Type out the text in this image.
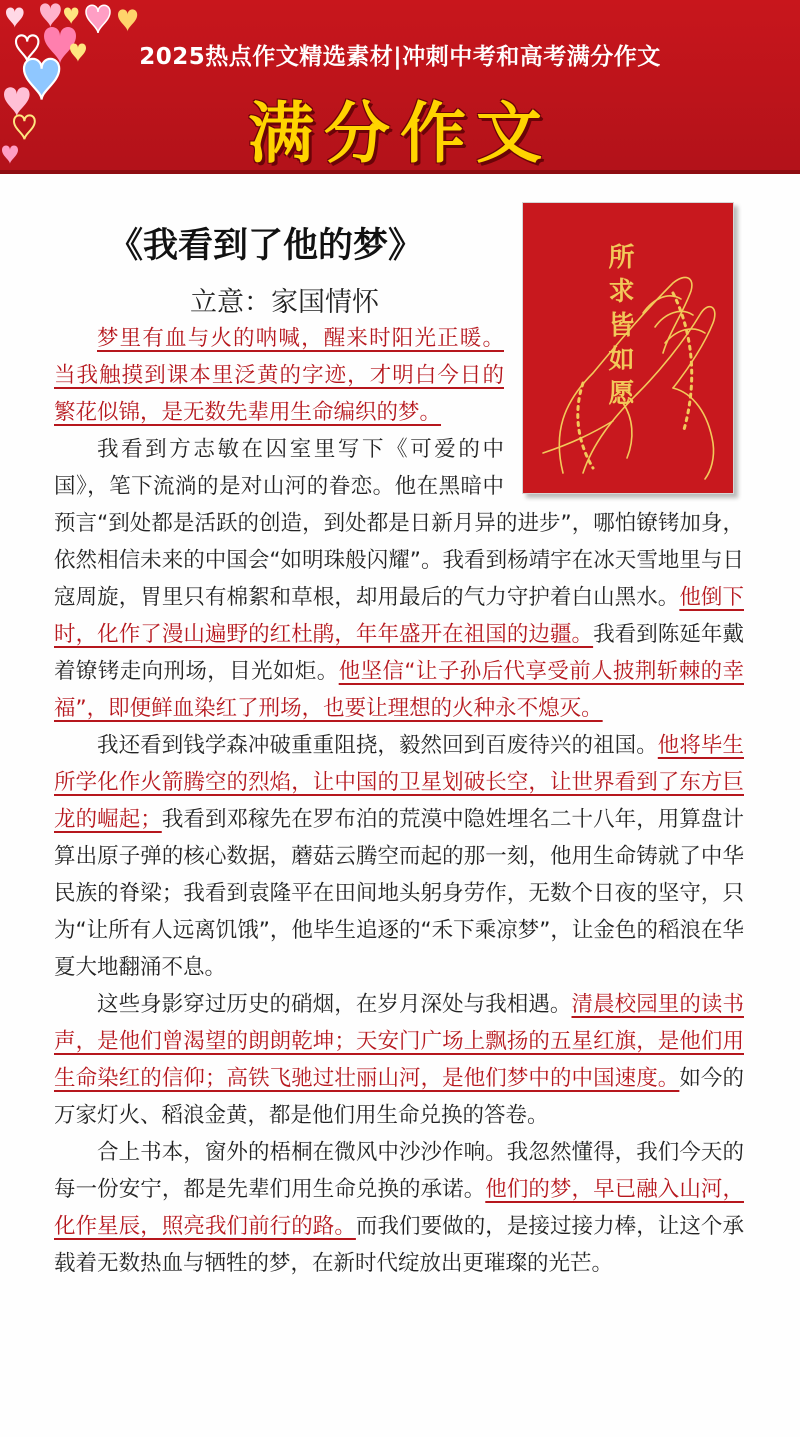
2025热点作文精选素材|冲刺中考和高考满分作文
满分作文
《我看到了他的梦》
立意：家国情怀	所求皆如愿

梦里有血与火的呐喊，醒来时阳光正暖。当我触摸到课本里泛黄的字迹，才明白今日的繁花似锦，是无数先辈用生命编织的梦。

我看到方志敏在囚室里写下《可爱的中国》，笔下流淌的是对山河的眷恋。他在黑暗中预言“到处都是活跃的创造，到处都是日新月异的进步”，哪怕镣铐加身，依然相信未来的中国会“如明珠般闪耀”。我看到杨靖宇在冰天雪地里与日寇周旋，胃里只有棉絮和草根，却用最后的气力守护着白山黑水。他倒下时，化作了漫山遍野的红杜鹃，年年盛开在祖国的边疆。我看到陈延年戴着镣铐走向刑场，目光如炬。他坚信“让子孙后代享受前人披荆斩棘的幸福”，即便鲜血染红了刑场，也要让理想的火种永不熄灭。

我还看到钱学森冲破重重阻挠，毅然回到百废待兴的祖国。他将毕生所学化作火箭腾空的烈焰，让中国的卫星划破长空，让世界看到了东方巨龙的崛起；我看到邓稼先在罗布泊的荒漠中隐姓埋名二十八年，用算盘计算出原子弹的核心数据，蘑菇云腾空而起的那一刻，他用生命铸就了中华民族的脊梁；我看到袁隆平在田间地头躬身劳作，无数个日夜的坚守，只为“让所有人远离饥饿”，他毕生追逐的“禾下乘凉梦”，让金色的稻浪在华夏大地翻涌不息。

这些身影穿过历史的硝烟，在岁月深处与我相遇。清晨校园里的读书声，是他们曾渴望的朗朗乾坤；天安门广场上飘扬的五星红旗，是他们用生命染红的信仰；高铁飞驰过壮丽山河，是他们梦中的中国速度。如今的万家灯火、稻浪金黄，都是他们用生命兑换的答卷。

合上书本，窗外的梧桐在微风中沙沙作响。我忽然懂得，我们今天的每一份安宁，都是先辈们用生命兑换的承诺。他们的梦，早已融入山河，化作星辰，照亮我们前行的路。而我们要做的，是接过接力棒，让这个承载着无数热血与牺牲的梦，在新时代绽放出更璀璨的光芒。
